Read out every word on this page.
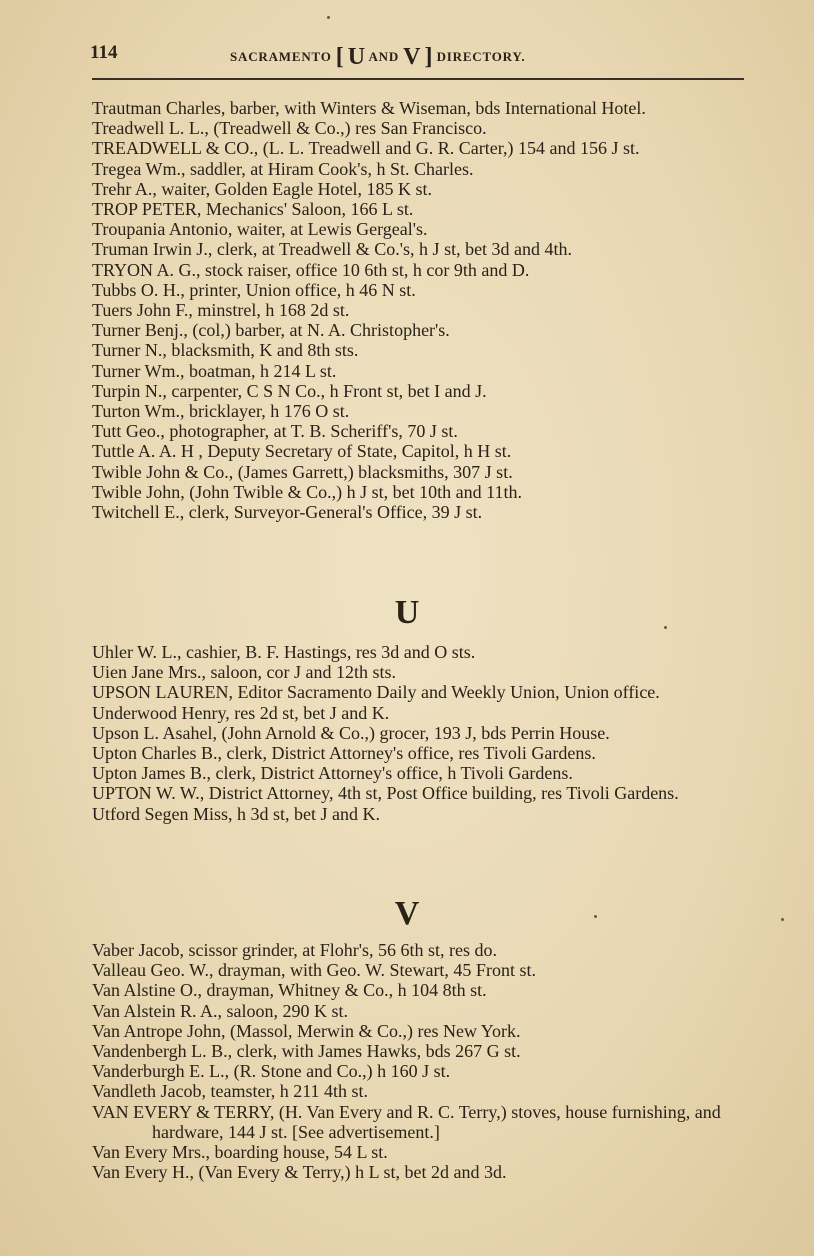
114	SACRAMENTO [ U AND V ] DIRECTORY.
Trautman Charles, barber, with Winters & Wiseman, bds International Hotel.
Treadwell L. L., (Treadwell & Co.,) res San Francisco.
TREADWELL & CO., (L. L. Treadwell and G. R. Carter,) 154 and 156 J st.
Tregea Wm., saddler, at Hiram Cook's, h St. Charles.
Trehr A., waiter, Golden Eagle Hotel, 185 K st.
TROP PETER, Mechanics' Saloon, 166 L st.
Troupania Antonio, waiter, at Lewis Gergeal's.
Truman Irwin J., clerk, at Treadwell & Co.'s, h J st, bet 3d and 4th.
TRYON A. G., stock raiser, office 10 6th st, h cor 9th and D.
Tubbs O. H., printer, Union office, h 46 N st.
Tuers John F., minstrel, h 168 2d st.
Turner Benj., (col,) barber, at N. A. Christopher's.
Turner N., blacksmith, K and 8th sts.
Turner Wm., boatman, h 214 L st.
Turpin N., carpenter, C S N Co., h Front st, bet I and J.
Turton Wm., bricklayer, h 176 O st.
Tutt Geo., photographer, at T. B. Scheriff's, 70 J st.
Tuttle A. A. H , Deputy Secretary of State, Capitol, h H st.
Twible John & Co., (James Garrett,) blacksmiths, 307 J st.
Twible John, (John Twible & Co.,) h J st, bet 10th and 11th.
Twitchell E., clerk, Surveyor-General's Office, 39 J st.
U
Uhler W. L., cashier, B. F. Hastings, res 3d and O sts.
Uien Jane Mrs., saloon, cor J and 12th sts.
UPSON LAUREN, Editor Sacramento Daily and Weekly Union, Union office.
Underwood Henry, res 2d st, bet J and K.
Upson L. Asahel, (John Arnold & Co.,) grocer, 193 J, bds Perrin House.
Upton Charles B., clerk, District Attorney's office, res Tivoli Gardens.
Upton James B., clerk, District Attorney's office, h Tivoli Gardens.
UPTON W. W., District Attorney, 4th st, Post Office building, res Tivoli Gardens.
Utford Segen Miss, h 3d st, bet J and K.
V
Vaber Jacob, scissor grinder, at Flohr's, 56 6th st, res do.
Valleau Geo. W., drayman, with Geo. W. Stewart, 45 Front st.
Van Alstine O., drayman, Whitney & Co., h 104 8th st.
Van Alstein R. A., saloon, 290 K st.
Van Antrope John, (Massol, Merwin & Co.,) res New York.
Vandenbergh L. B., clerk, with James Hawks, bds 267 G st.
Vanderburgh E. L., (R. Stone and Co.,) h 160 J st.
Vandleth Jacob, teamster, h 211 4th st.
VAN EVERY & TERRY, (H. Van Every and R. C. Terry,) stoves, house furnishing, and hardware, 144 J st. [See advertisement.]
Van Every Mrs., boarding house, 54 L st.
Van Every H., (Van Every & Terry,) h L st, bet 2d and 3d.
